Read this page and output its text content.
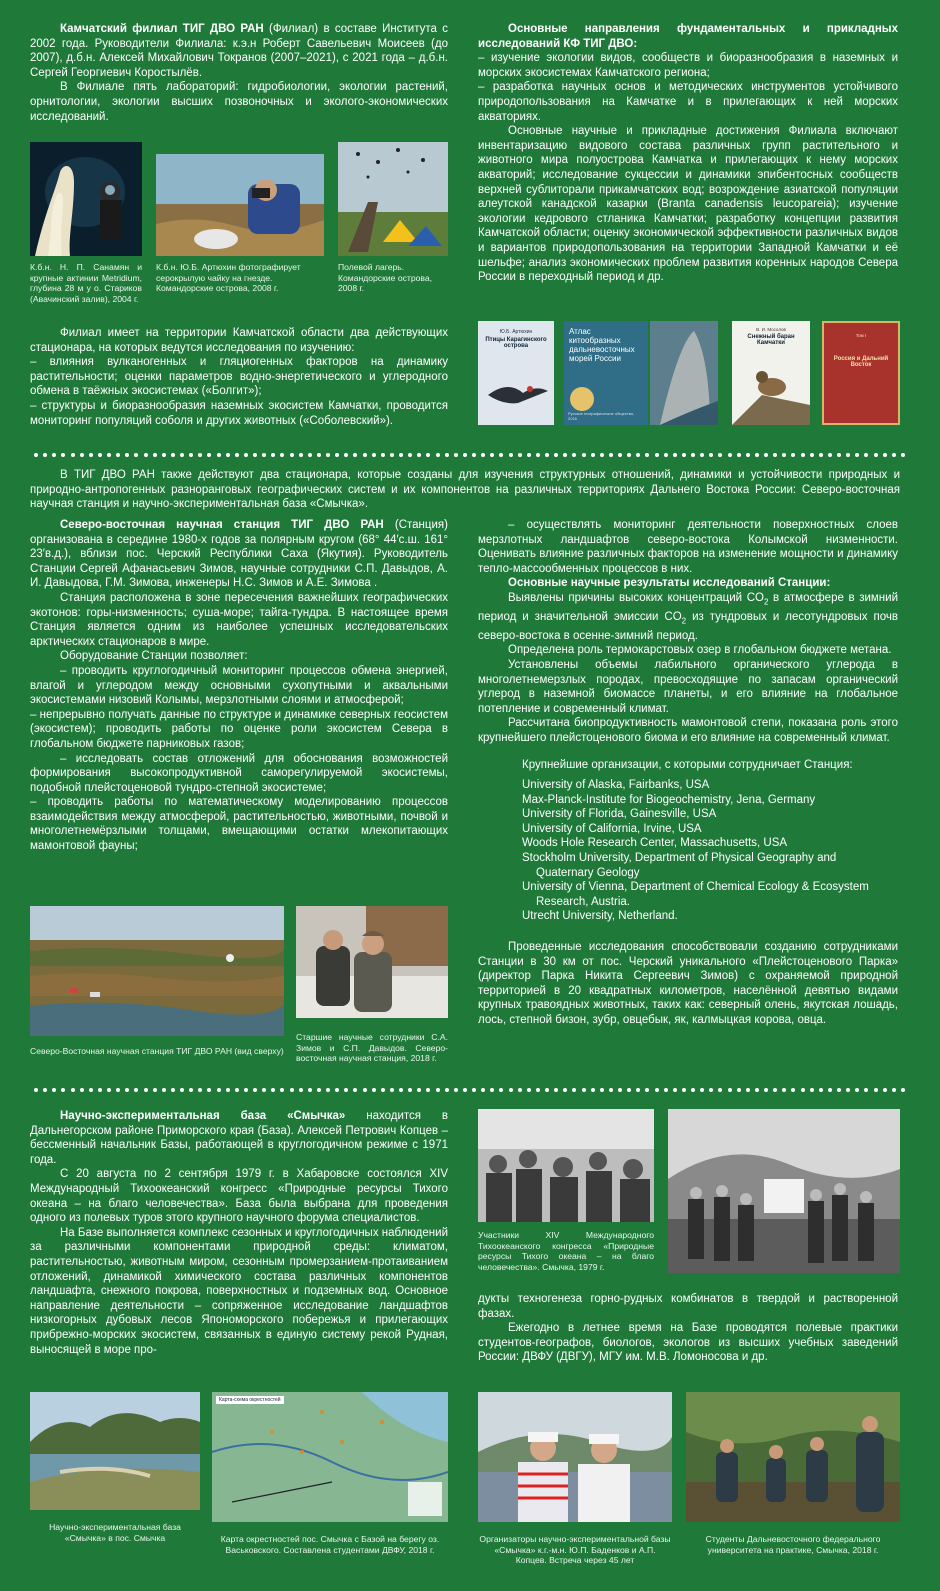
Камчатский филиал ТИГ ДВО РАН (Филиал) в составе Института с 2002 года. Руководители Филиала: к.э.н Роберт Савельевич Моисеев (до 2007), д.б.н. Алексей Михайлович Токранов (2007–2021), с 2021 года – д.б.н. Сергей Георгиевич Коростылёв.

В Филиале пять лабораторий: гидробиологии, экологии растений, орнитологии, экологии высших позвоночных и эколого-экономических исследований.

К.б.н. Н. П. Санамян и крупные актинии Metridium, глубина 28 м у о. Стариков (Авачинский залив), 2004 г.

К.б.н. Ю.Б. Артюхин фотографирует серокрылую чайку на гнезде. Командорские острова, 2008 г.

Полевой лагерь. Командорские острова, 2008 г.

Филиал имеет на территории Камчатской области два действующих стационара, на которых ведутся исследования по изучению:

– влияния вулканогенных и гляциогенных факторов на динамику растительности; оценки параметров водно-энергетического и углеродного обмена в таёжных экосистемах («Болгит»);

– структуры и биоразнообразия наземных экосистем Камчатки, проводится мониторинг популяций соболя и других животных («Соболевский»).

Основные направления фундаментальных и прикладных исследований КФ ТИГ ДВО:

– изучение экологии видов, сообществ и биоразнообразия в наземных и морских экосистемах Камчатского региона;

– разработка научных основ и методических инструментов устойчивого природопользования на Камчатке и в прилегающих к ней морских акваториях.

Основные научные и прикладные достижения Филиала включают инвентаризацию видового состава различных групп растительного и животного мира полуострова Камчатка и прилегающих к нему морских акваторий; исследование сукцессии и динамики эпибентосных сообществ верхней сублиторали прикамчатских вод; возрождение азиатской популяции алеутской канадской казарки (Branta canadensis leucopareia); изучение экологии кедрового стланика Камчатки; разработку концепции развития Камчатской области; оценку экономической эффективности различных видов и вариантов природопользования на территории Западной Камчатки и её шельфе; анализ экономических проблем развития коренных народов Севера России в переходный период и др.

Ю.Б. Артюхин
Птицы Карагинского острова
Атлас китообразных дальневосточных морей России
Русское географическое общество, 2016
В. И. Мосолов
Снежный баран Камчатки
Том I
Россия и Дальний Восток

В ТИГ ДВО РАН также действуют два стационара, которые созданы для изучения структурных отношений, динамики и устойчивости природных и природно-антропогенных разноранговых географических систем и их компонентов на различных территориях Дальнего Востока России: Северо-восточная научная станция и научно-экспериментальная база «Смычка».

Северо-восточная научная станция ТИГ ДВО РАН (Станция) организована в середине 1980-х годов за полярным кругом (68° 44′с.ш. 161° 23′в.д.), вблизи пос. Черский Республики Саха (Якутия). Руководитель Станции Сергей Афанасьевич Зимов, научные сотрудники С.П. Давыдов, А. И. Давыдова, Г.М. Зимова, инженеры Н.С. Зимов и А.Е. Зимова .

Станция расположена в зоне пересечения важнейших географических экотонов: горы-низменность; суша-море; тайга-тундра. В настоящее время Станция является одним из наиболее успешных исследовательских арктических стационаров в мире.

Оборудование Станции позволяет:

– проводить круглогодичный мониторинг процессов обмена энергией, влагой и углеродом между основными сухопутными и аквальными экосистемами низовий Колымы, мерзлотными слоями и атмосферой;

– непрерывно получать данные по структуре и динамике северных геосистем (экосистем); проводить работы по оценке роли экосистем Севера в глобальном бюджете парниковых газов;

– исследовать состав отложений для обоснования возможностей формирования высокопродуктивной саморегулируемой экосистемы, подобной плейстоценовой тундро-степной экосистеме;

– проводить работы по математическому моделированию процессов взаимодействия между атмосферой, растительностью, животными, почвой и многолетнемёрзлыми толщами, вмещающими остатки млекопитающих мамонтовой фауны;

– осуществлять мониторинг деятельности поверхностных слоев мерзлотных ландшафтов северо-востока Колымской низменности. Оценивать влияние различных факторов на изменение мощности и динамику тепло-массообменных процессов в них.

Основные научные результаты исследований Станции:

Выявлены причины высоких концентраций $CO_2$ в атмосфере в зимний период и значительной эмиссии $CO_2$ из тундровых и лесотундровых почв северо-востока в осенне-зимний период.

Определена роль термокарстовых озер в глобальном бюджете метана.

Установлены объемы лабильного органического углерода в многолетнемерзлых породах, превосходящие по запасам органический углерод в наземной биомассе планеты, и его влияние на глобальное потепление и современный климат.

Рассчитана биопродуктивность мамонтовой степи, показана роль этого крупнейшего плейстоценового биома и его влияние на современный климат.

Крупнейшие организации, с которыми сотрудничает Станция:

University of Alaska, Fairbanks, USA

Max-Planck-Institute for Biogeochemistry, Jena, Germany

University of Florida, Gainesville, USA

University of California, Irvine, USA

Woods Hole Research Center, Massachusetts, USA

Stockholm University, Department of Physical Geography and

Quaternary Geology

University of Vienna, Department of Chemical Ecology & Ecosystem

Research, Austria.

Utrecht University, Netherland.

Проведенные исследования способствовали созданию сотрудниками Станции в 30 км от пос. Черский уникального «Плейстоценового Парка» (директор Парка Никита Сергеевич Зимов) с охраняемой природной территорией в 20 квадратных километров, населённой девятью видами крупных травоядных животных, таких как: северный олень, якутская лошадь, лось, степной бизон, зубр, овцебык, як, калмыцкая корова, овца.

Северо-Восточная научная станция ТИГ ДВО РАН (вид сверху)

Старшие научные сотрудники С.А. Зимов и С.П. Давыдов. Северо-восточная научная станция, 2018 г.

Научно-экспериментальная база «Смычка» находится в Дальнегорском районе Приморского края (База). Алексей Петрович Копцев – бессменный начальник Базы, работающей в круглогодичном режиме с 1971 года.

С 20 августа по 2 сентября 1979 г. в Хабаровске состоялся XIV Международный Тихоокеанский конгресс «Природные ресурсы Тихого океана – на благо человечества». База была выбрана для проведения одного из полевых туров этого крупного научного форума специалистов.

На Базе выполняется комплекс сезонных и круглогодичных наблюдений за различными компонентами природной среды: климатом, растительностью, животным миром, сезонным промерзанием-протаиванием отложений, динамикой химического состава различных компонентов ландшафта, снежного покрова, поверхностных и подземных вод. Основное направление деятельности – сопряженное исследование ландшафтов низкогорных дубовых лесов Япономорского побережья и прилегающих прибрежно-морских экосистем, связанных в единую систему рекой Рудная, выносящей в море про-

Участники XIV Международного Тихоокеанского конгресса «Природные ресурсы Тихого океана – на благо человечества». Смычка, 1979 г.

дукты техногенеза горно-рудных комбинатов в твердой и растворенной фазах.

Ежегодно в летнее время на Базе проводятся полевые практики студентов-географов, биологов, экологов из высших учебных заведений России: ДВФУ (ДВГУ), МГУ им. М.В. Ломоносова и др.

Научно-экспериментальная база «Смычка» в пос. Смычка

Карта-схема окрестностей

Карта окрестностей пос. Смычка с Базой на берегу оз. Васьковского. Составлена студентами ДВФУ, 2018 г.

Организаторы научно-экспериментальной базы «Смычка» к.г.-м.н. Ю.П. Баденков и А.П. Копцев. Встреча через 45 лет

Студенты Дальневосточного федерального университета на практике, Смычка, 2018 г.
